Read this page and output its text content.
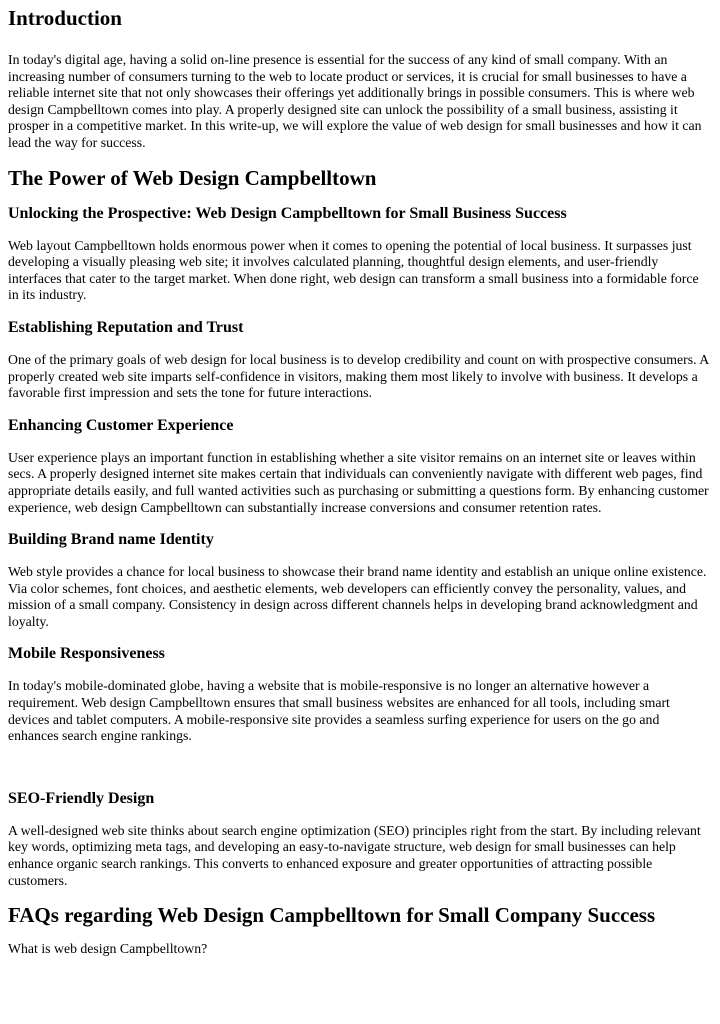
Introduction

In today's digital age, having a solid on-line presence is essential for the success of any kind of small company. With an increasing number of consumers turning to the web to locate product or services, it is crucial for small businesses to have a reliable internet site that not only showcases their offerings yet additionally brings in possible consumers. This is where web design Campbelltown comes into play. A properly designed site can unlock the possibility of a small business, assisting it prosper in a competitive market. In this write-up, we will explore the value of web design for small businesses and how it can lead the way for success.

The Power of Web Design Campbelltown
Unlocking the Prospective: Web Design Campbelltown for Small Business Success

Web layout Campbelltown holds enormous power when it comes to opening the potential of local business. It surpasses just developing a visually pleasing web site; it involves calculated planning, thoughtful design elements, and user-friendly interfaces that cater to the target market. When done right, web design can transform a small business into a formidable force in its industry.

Establishing Reputation and Trust

One of the primary goals of web design for local business is to develop credibility and count on with prospective consumers. A properly created web site imparts self-confidence in visitors, making them most likely to involve with business. It develops a favorable first impression and sets the tone for future interactions.

Enhancing Customer Experience

User experience plays an important function in establishing whether a site visitor remains on an internet site or leaves within secs. A properly designed internet site makes certain that individuals can conveniently navigate with different web pages, find appropriate details easily, and full wanted activities such as purchasing or submitting a questions form. By enhancing customer experience, web design Campbelltown can substantially increase conversions and consumer retention rates.

Building Brand name Identity

Web style provides a chance for local business to showcase their brand name identity and establish an unique online existence. Via color schemes, font choices, and aesthetic elements, web developers can efficiently convey the personality, values, and mission of a small company. Consistency in design across different channels helps in developing brand acknowledgment and loyalty.

Mobile Responsiveness

In today's mobile-dominated globe, having a website that is mobile-responsive is no longer an alternative however a requirement. Web design Campbelltown ensures that small business websites are enhanced for all tools, including smart devices and tablet computers. A mobile-responsive site provides a seamless surfing experience for users on the go and enhances search engine rankings.

SEO-Friendly Design

A well-designed web site thinks about search engine optimization (SEO) principles right from the start. By including relevant key words, optimizing meta tags, and developing an easy-to-navigate structure, web design for small businesses can help enhance organic search rankings. This converts to enhanced exposure and greater opportunities of attracting possible customers.

FAQs regarding Web Design Campbelltown for Small Company Success

What is web design Campbelltown?
